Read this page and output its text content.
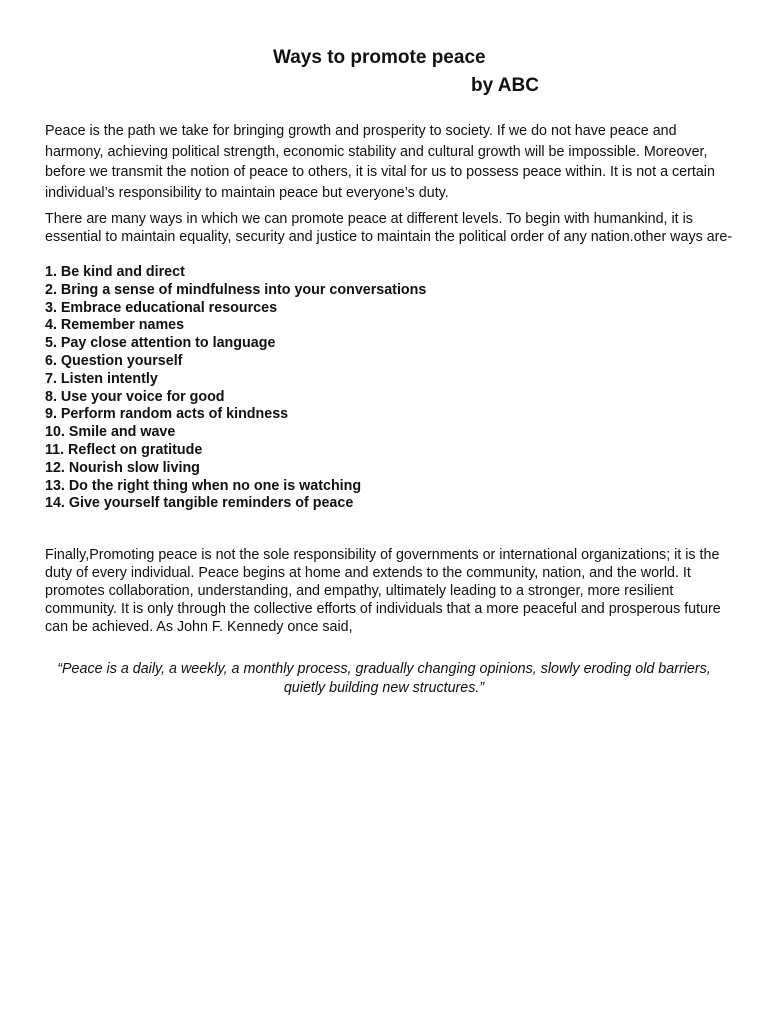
Ways to promote peace
by ABC

Peace is the path we take for bringing growth and prosperity to society. If we do not have peace and harmony, achieving political strength, economic stability and cultural growth will be impossible. Moreover, before we transmit the notion of peace to others, it is vital for us to possess peace within. It is not a certain individual’s responsibility to maintain peace but everyone’s duty.

There are many ways in which we can promote peace at different levels. To begin with humankind, it is essential to maintain equality, security and justice to maintain the political order of any nation.other ways are-

1. Be kind and direct
2. Bring a sense of mindfulness into your conversations
3. Embrace educational resources
4. Remember names
5. Pay close attention to language
6. Question yourself
7. Listen intently
8. Use your voice for good
9. Perform random acts of kindness
10. Smile and wave
11. Reflect on gratitude
12. Nourish slow living
13. Do the right thing when no one is watching
14. Give yourself tangible reminders of peace

Finally,Promoting peace is not the sole responsibility of governments or international organizations; it is the duty of every individual. Peace begins at home and extends to the community, nation, and the world. It promotes collaboration, understanding, and empathy, ultimately leading to a stronger, more resilient community. It is only through the collective efforts of individuals that a more peaceful and prosperous future can be achieved. As John F. Kennedy once said,

“Peace is a daily, a weekly, a monthly process, gradually changing opinions, slowly eroding old barriers, quietly building new structures.”
